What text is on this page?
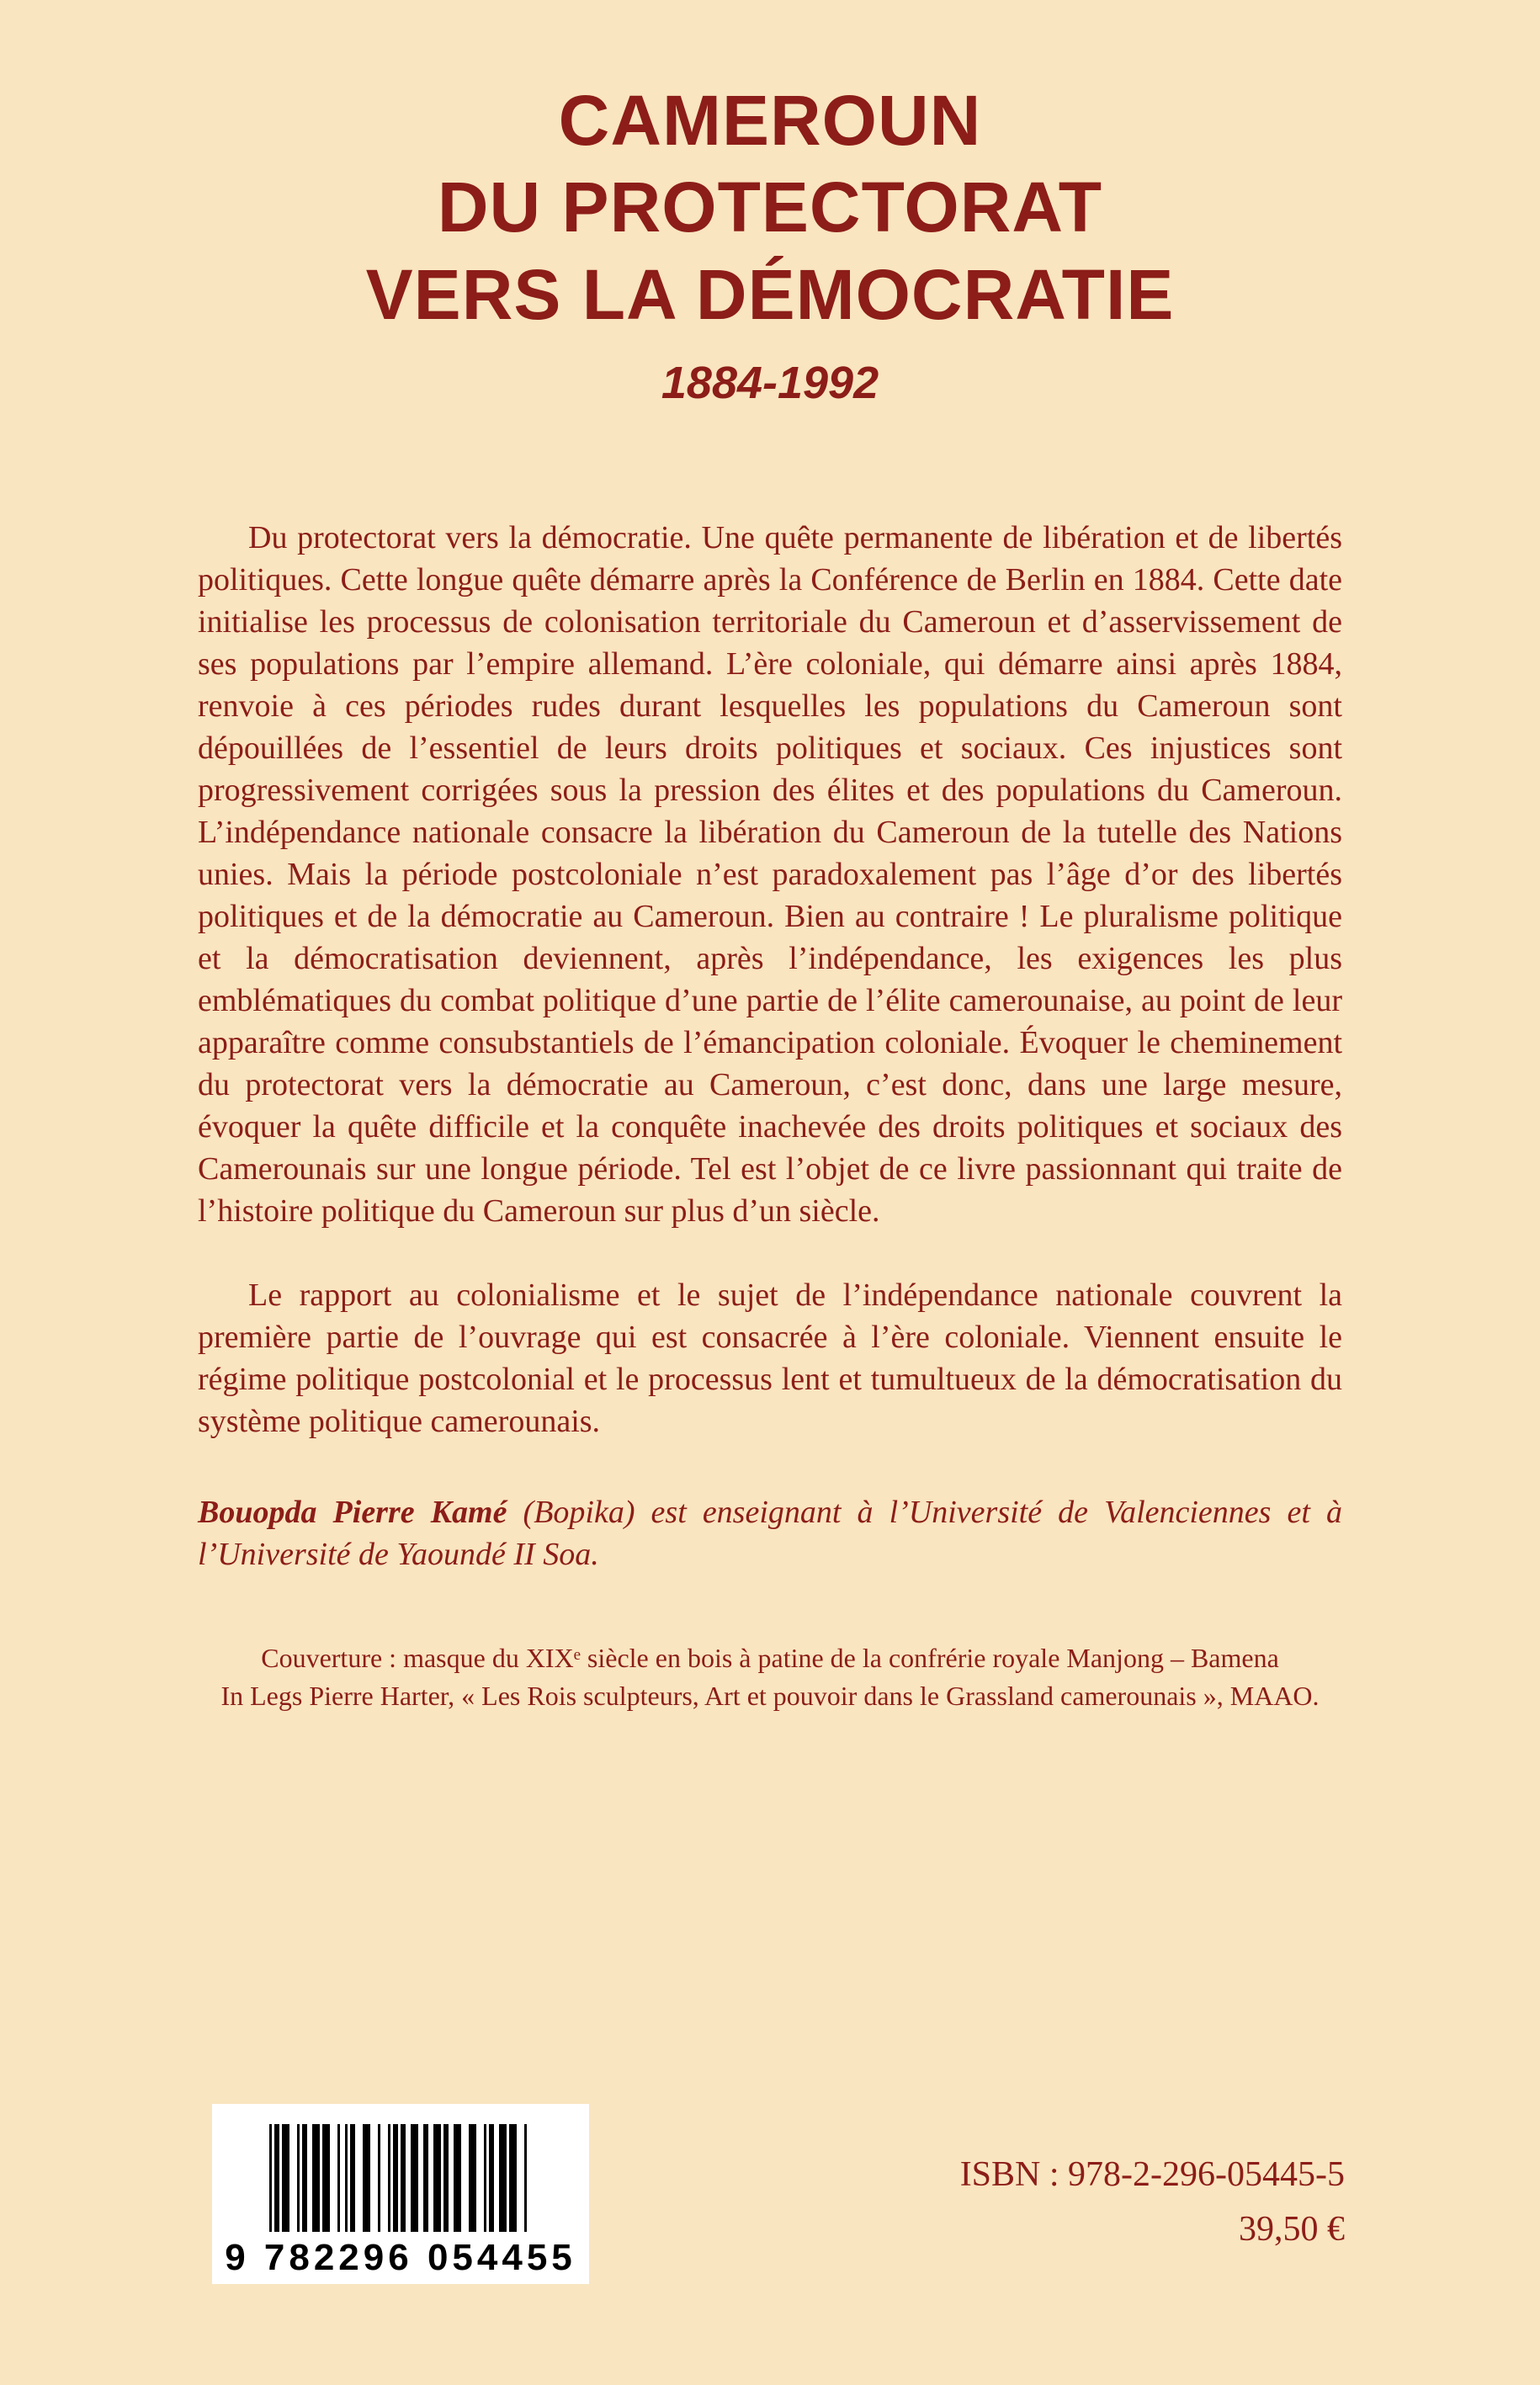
CAMEROUN
DU PROTECTORAT
VERS LA DÉMOCRATIE
1884-1992

Du protectorat vers la démocratie. Une quête permanente de libération et de libertés politiques. Cette longue quête démarre après la Conférence de Berlin en 1884. Cette date initialise les processus de colonisation territoriale du Cameroun et d’asservissement de ses populations par l’empire allemand. L’ère coloniale, qui démarre ainsi après 1884, renvoie à ces périodes rudes durant lesquelles les populations du Cameroun sont dépouillées de l’essentiel de leurs droits politiques et sociaux. Ces injustices sont progressivement corrigées sous la pression des élites et des populations du Cameroun. L’indépendance nationale consacre la libération du Cameroun de la tutelle des Nations unies. Mais la période postcoloniale n’est paradoxalement pas l’âge d’or des libertés politiques et de la démocratie au Cameroun. Bien au contraire ! Le pluralisme politique et la démocratisation deviennent, après l’indépendance, les exigences les plus emblématiques du combat politique d’une partie de l’élite camerounaise, au point de leur apparaître comme consubstantiels de l’émancipation coloniale. Évoquer le cheminement du protectorat vers la démocratie au Cameroun, c’est donc, dans une large mesure, évoquer la quête difficile et la conquête inachevée des droits politiques et sociaux des Camerounais sur une longue période. Tel est l’objet de ce livre passionnant qui traite de l’histoire politique du Cameroun sur plus d’un siècle.

Le rapport au colonialisme et le sujet de l’indépendance nationale couvrent la première partie de l’ouvrage qui est consacrée à l’ère coloniale. Viennent ensuite le régime politique postcolonial et le processus lent et tumultueux de la démocratisation du système politique camerounais.

Bouopda Pierre Kamé (Bopika) est enseignant à l’Université de Valenciennes et à l’Université de Yaoundé II Soa.

Couverture : masque du XIXᵉ siècle en bois à patine de la confrérie royale Manjong – Bamena
In Legs Pierre Harter, « Les Rois sculpteurs, Art et pouvoir dans le Grassland camerounais », MAAO.
9 782296 054455
ISBN : 978-2-296-05445-5
39,50 €
